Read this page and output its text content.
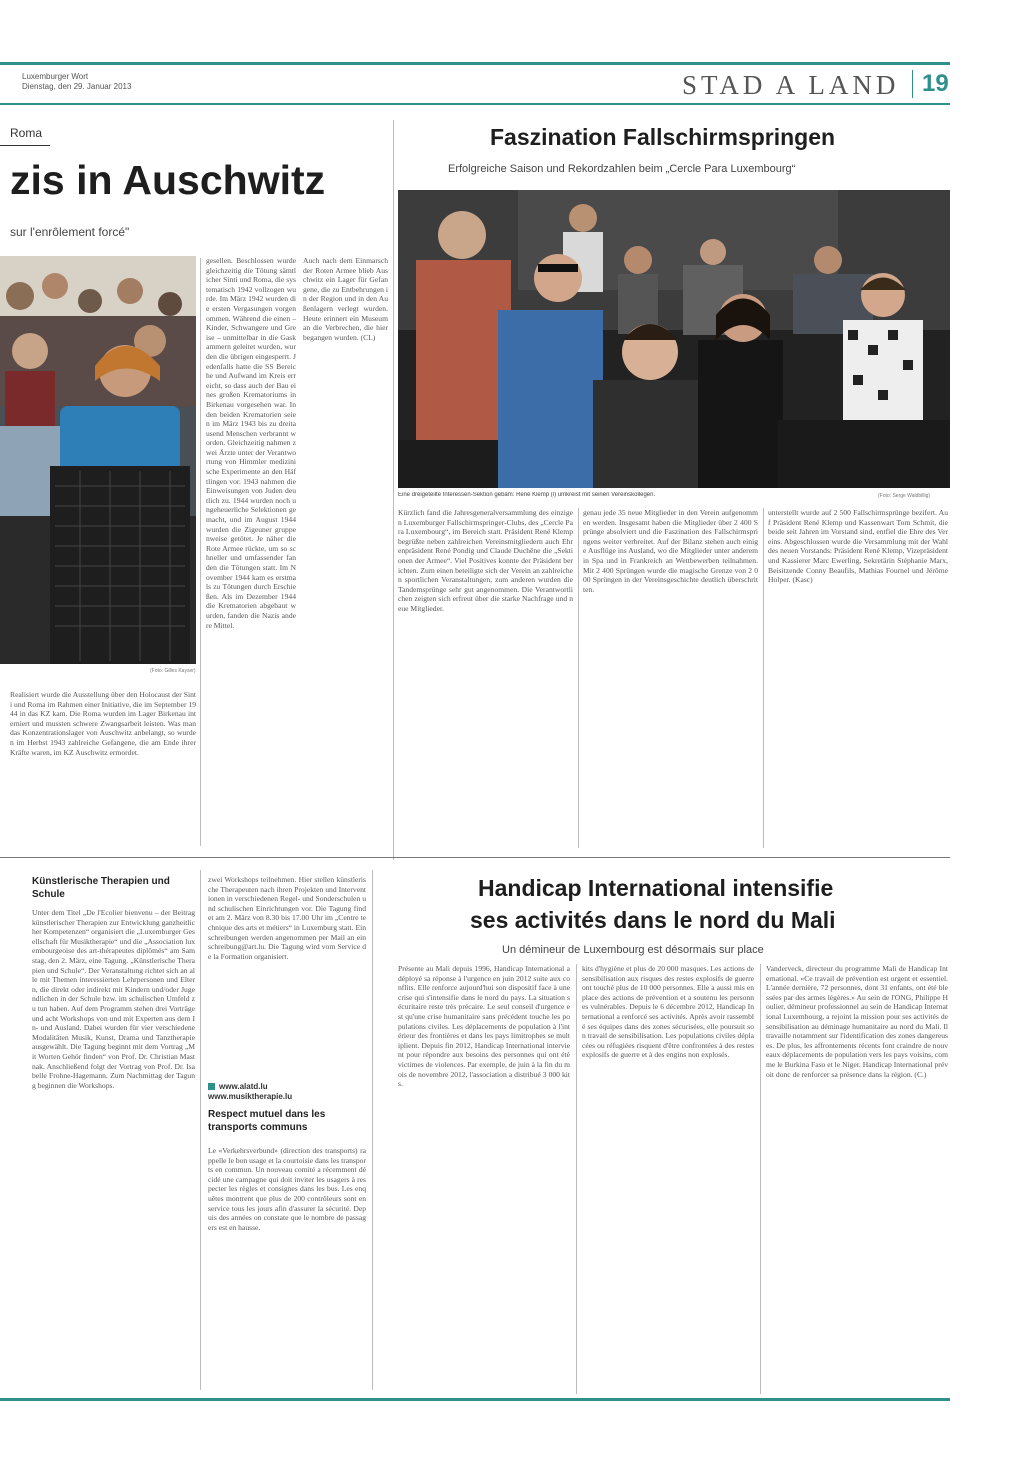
Luxemburger Wort
Dienstag, den 29. Januar 2013	STAD A LAND 19
Roma
zis in Auschwitz
sur l'enrôlement forcé"
(Foto: Gilles Kayser)
gesellen. Beschlossen wurde gleichzeitig die Tötung sämtlicher Sinti und Roma, die systematisch 1942 vollzogen wurde. Im März 1942 wurden die ersten Vergasungen vorgenommen. Während die einen – Kinder, Schwangere und Greise – unmittelbar in die Gaskammern geleitet wurden, wurden die übrigen eingesperrt. Jedenfalls hatte die SS Bereiche und Aufwand im Kreis erreicht, so dass auch der Bau eines großen Krematoriums in Birkenau vorgesehen war. In den beiden Krematorien seien im März 1943 bis zu dreitausend Menschen verbrannt worden. Gleichzeitig nahmen zwei Ärzte unter der Verantwortung von Himmler medizinische Experimente an den Häftlingen vor. 1943 nahmen die Einweisungen von Juden deutlich zu. 1944 wurden noch ungeheuerliche Selektionen gemacht, und im August 1944 wurden die Zigeuner gruppenweise getötet. Je näher die Rote Armee rückte, um so schneller und umfassender fanden die Tötungen statt. Im November 1944 kam es erstmals zu Tötungen durch Erschießen. Als im Dezember 1944 die Krematorien abgebaut wurden, fanden die Nazis andere Mittel.
Auch nach dem Einmarsch der Roten Armee blieb Auschwitz ein Lager für Gefangene, die zu Entbehrungen in der Region und in den Außenlagern verlegt wurden. Heute erinnert ein Museum an die Verbrechen, die hier begangen wurden. (CL)
Realisiert wurde die Ausstellung über den Holocaust der Sinti und Roma im Rahmen einer Initiative, die im September 1944 in das KZ kam. Die Roma wurden im Lager Birkenau interniert und mussten schwere Zwangsarbeit leisten. Was man das Konzentrationslager von Auschwitz anbelangt, so wurden im Herbst 1943 zahlreiche Gefangene, die am Ende ihrer Kräfte waren, im KZ Auschwitz ermordet.
Faszination Fallschirmspringen
Erfolgreiche Saison und Rekordzahlen beim „Cercle Para Luxembourg“
Eine dreigeteilte Interessen-Sektion gebäm: René Klemp (l) umkreist mit seinen Vereinskollegen.	(Foto: Serge Waldbillig)
Kürzlich fand die Jahresgeneralversammlung des einzigen Luxemburger Fallschirmspringer-Clubs, des „Cercle Para Luxembourg“, im Bereich statt. Präsident René Klemp begrüßte neben zahlreichen Vereinsmitgliedern auch Ehrenpräsident René Pondig und Claude Duchêne die „Sektionen der Armee“. Viel Positives konnte der Präsident berichten. Zum einen beteiligte sich der Verein an zahlreichen sportlichen Veranstaltungen, zum anderen wurden die Tandemsprünge sehr gut angenommen. Die Verantwortlichen zeigten sich erfreut über die starke Nachfrage und neue Mitglieder.
genau jede 35 neue Mitglieder in den Verein aufgenommen werden. Insgesamt haben die Mitglieder über 2 400 Sprünge absolviert und die Faszination des Fallschirmspringens weiter verbreitet. Auf der Bilanz stehen auch einige Ausflüge ins Ausland, wo die Mitglieder unter anderem in Spa und in Frankreich an Wettbewerben teilnahmen. Mit 2 400 Sprüngen wurde die magische Grenze von 2 000 Sprüngen in der Vereinsgeschichte deutlich überschritten.
unterstellt wurde auf 2 500 Fallschirmsprünge bezifert. Auf Präsident René Klemp und Kassenwart Tom Schmit, die beide seit Jahren im Vorstand sind, entfiel die Ehre des Vereins. Abgeschlossen wurde die Versammlung mit der Wahl des neuen Vorstands: Präsident René Klemp, Vizepräsident und Kassierer Marc Ewerling, Sekretärin Stéphanie Marx, Beisitzende Conny Beaufils, Mathias Fournel und Jérôme Holper. (Kasc)
Künstlerische Therapien und Schule
Unter dem Titel „De l'Ecolier bienvenu – der Beitrag künstlerischer Therapien zur Entwicklung ganzheitlicher Kompetenzen“ organisiert die „Luxemburger Gesellschaft für Musiktherapie“ und die „Association luxembourgeoise des art-thérapeutes diplômés“ am Samstag, den 2. März, eine Tagung. „Künstlerische Therapien und Schule“. Der Veranstaltung richtet sich an alle mit Themen interessierten Lehrpersonen und Eltern, die direkt oder indirekt mit Kindern und/oder Jugendlichen in der Schule bzw. im schulischen Umfeld zu tun haben. Auf dem Programm stehen drei Vorträge und acht Workshops von und mit Experten aus dem In- und Ausland. Dabei wurden für vier verschiedene Modalitäten Musik, Kunst, Drama und Tanztherapie ausgewählt. Die Tagung beginnt mit dem Vortrag „Mit Worten Gehör finden“ von Prof. Dr. Christian Mastnak. Anschließend folgt der Vortrag von Prof. Dr. Isabelle Frohne-Hagemann. Zum Nachmittag der Tagung beginnen die Workshops.
zwei Workshops teilnehmen. Hier stellen künstlerische Therapeuten nach ihren Projekten und Interventionen in verschiedenen Regel- und Sonderschulen und schulischen Einrichtungen vor. Die Tagung findet am 2. März von 8.30 bis 17.00 Uhr im „Centre technique des arts et métiers“ in Luxemburg statt. Einschreibungen werden angenommen per Mail an einschreibung@art.lu. Die Tagung wird vom Service de la Formation organisiert.

www.alatd.lu
www.musiktherapie.lu

Respect mutuel dans les transports communs
Le «Verkehrsverbund» (direction des transports) rappelle le bon usage et la courtoisie dans les transports en commun. Un nouveau comité a récemment décidé une campagne qui doit inviter les usagers à respecter les règles et consignes dans les bus. Les enquêtes montrent que plus de 200 contrôleurs sont en service tous les jours afin d'assurer la sécurité. Depuis des années on constate que le nombre de passagers est en hausse.
Handicap International intensifie
ses activités dans le nord du Mali
Un démineur de Luxembourg est désormais sur place
Présente au Mali depuis 1996, Handicap International a déployé sa réponse à l'urgence en juin 2012 suite aux conflits. Elle renforce aujourd'hui son dispositif face à une crise qui s'intensifie dans le nord du pays. La situation sécuritaire reste très précaire. Le seul conseil d'urgence est qu'une crise humanitaire sans précédent touche les populations civiles. Les déplacements de population à l'intérieur des frontières et dans les pays limitrophes se multiplient. Depuis fin 2012, Handicap International intervient pour répondre aux besoins des personnes qui ont été victimes de violences. Par exemple, de juin à la fin du mois de novembre 2012, l'association a distribué 3 000 kits.
kits d'hygiène et plus de 20 000 masques. Les actions de sensibilisation aux risques des restes explosifs de guerre ont touché plus de 10 000 personnes. Elle a aussi mis en place des actions de prévention et a soutenu les personnes vulnérables. Depuis le 6 décembre 2012, Handicap International a renforcé ses activités. Après avoir rassemblé ses équipes dans des zones sécurisées, elle poursuit son travail de sensibilisation. Les populations civiles déplacées ou réfugiées risquent d'être confrontées à des restes explosifs de guerre et à des engins non explosés.
Vanderveck, directeur du programme Mali de Handicap International. «Ce travail de prévention est urgent et essentiel. L'année dernière, 72 personnes, dont 31 enfants, ont été blessées par des armes légères.» Au sein de l'ONG, Philippe Houlier, démineur professionnel au sein de Handicap International Luxembourg, a rejoint la mission pour ses activités de sensibilisation au déminage humanitaire au nord du Mali. Il travaille notamment sur l'identification des zones dangereuses. De plus, les affrontements récents font craindre de nouveaux déplacements de population vers les pays voisins, comme le Burkina Faso et le Niger. Handicap International prévoit donc de renforcer sa présence dans la région. (C.)
